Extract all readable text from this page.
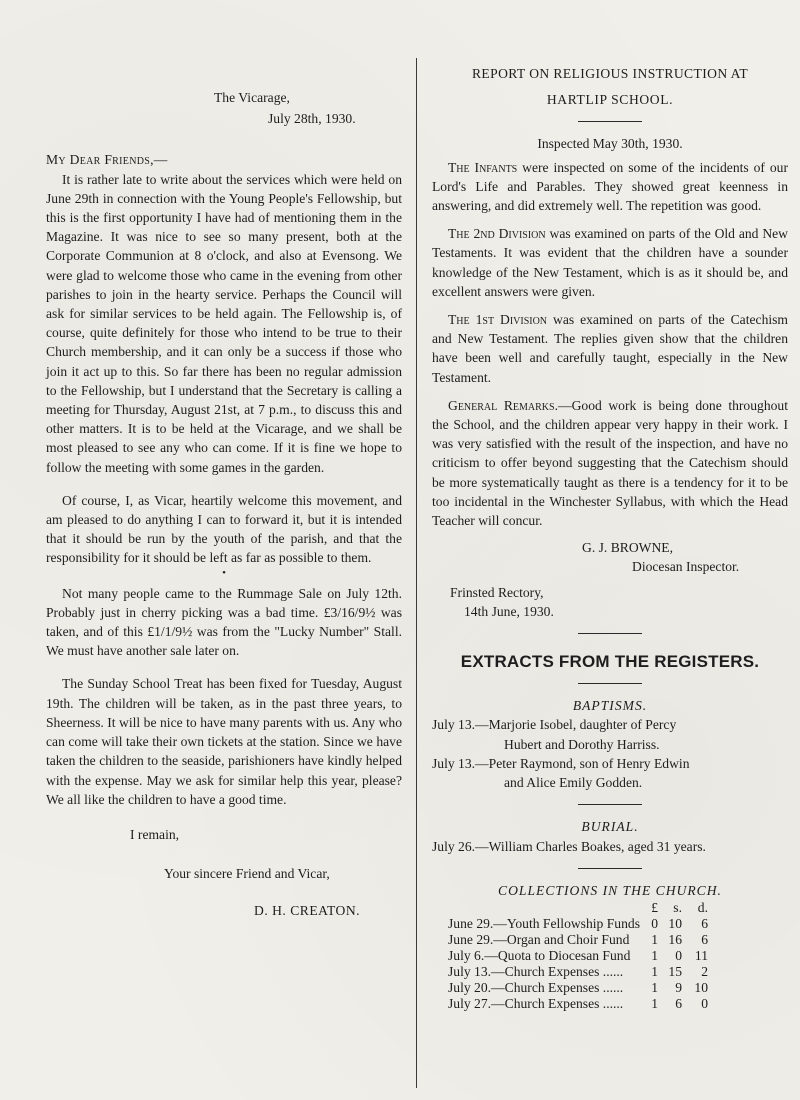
The Vicarage,
July 28th, 1930.
My Dear Friends,—

It is rather late to write about the services which were held on June 29th in connection with the Young People's Fellowship, but this is the first opportunity I have had of mentioning them in the Magazine. It was nice to see so many present, both at the Corporate Communion at 8 o'clock, and also at Evensong. We were glad to welcome those who came in the evening from other parishes to join in the hearty service. Perhaps the Council will ask for similar services to be held again. The Fellowship is, of course, quite definitely for those who intend to be true to their Church membership, and it can only be a success if those who join it act up to this. So far there has been no regular admission to the Fellowship, but I understand that the Secretary is calling a meeting for Thursday, August 21st, at 7 p.m., to discuss this and other matters. It is to be held at the Vicarage, and we shall be most pleased to see any who can come. If it is fine we hope to follow the meeting with some games in the garden.

Of course, I, as Vicar, heartily welcome this movement, and am pleased to do anything I can to forward it, but it is intended that it should be run by the youth of the parish, and that the responsibility for it should be left as far as possible to them.

•

Not many people came to the Rummage Sale on July 12th. Probably just in cherry picking was a bad time. £3/16/9½ was taken, and of this £1/1/9½ was from the "Lucky Number" Stall. We must have another sale later on.

The Sunday School Treat has been fixed for Tuesday, August 19th. The children will be taken, as in the past three years, to Sheerness. It will be nice to have many parents with us. Any who can come will take their own tickets at the station. Since we have taken the children to the seaside, parishioners have kindly helped with the expense. May we ask for similar help this year, please? We all like the children to have a good time.

I remain,
Your sincere Friend and Vicar,
D. H. CREATON.
REPORT ON RELIGIOUS INSTRUCTION AT
HARTLIP SCHOOL.
Inspected May 30th, 1930.

The Infants were inspected on some of the incidents of our Lord's Life and Parables. They showed great keenness in answering, and did extremely well. The repetition was good.

The 2nd Division was examined on parts of the Old and New Testaments. It was evident that the children have a sounder knowledge of the New Testament, which is as it should be, and excellent answers were given.

The 1st Division was examined on parts of the Catechism and New Testament. The replies given show that the children have been well and carefully taught, especially in the New Testament.

General Remarks.—Good work is being done throughout the School, and the children appear very happy in their work. I was very satisfied with the result of the inspection, and have no criticism to offer beyond suggesting that the Catechism should be more systematically taught as there is a tendency for it to be too incidental in the Winchester Syllabus, with which the Head Teacher will concur.

G. J. BROWNE,
Diocesan Inspector.
Frinsted Rectory,
14th June, 1930.
EXTRACTS FROM THE REGISTERS.
BAPTISMS.
July 13.—Marjorie Isobel, daughter of Percy
Hubert and Dorothy Harriss.
July 13.—Peter Raymond, son of Henry Edwin
and Alice Emily Godden.
BURIAL.
July 26.—William Charles Boakes, aged 31 years.
COLLECTIONS IN THE CHURCH.
	£	s.	d.
June 29.—Youth Fellowship Funds	0	10	6
June 29.—Organ and Choir Fund	1	16	6
July 6.—Quota to Diocesan Fund	1	0	11
July 13.—Church Expenses ......	1	15	2
July 20.—Church Expenses ......	1	9	10
July 27.—Church Expenses ......	1	6	0
